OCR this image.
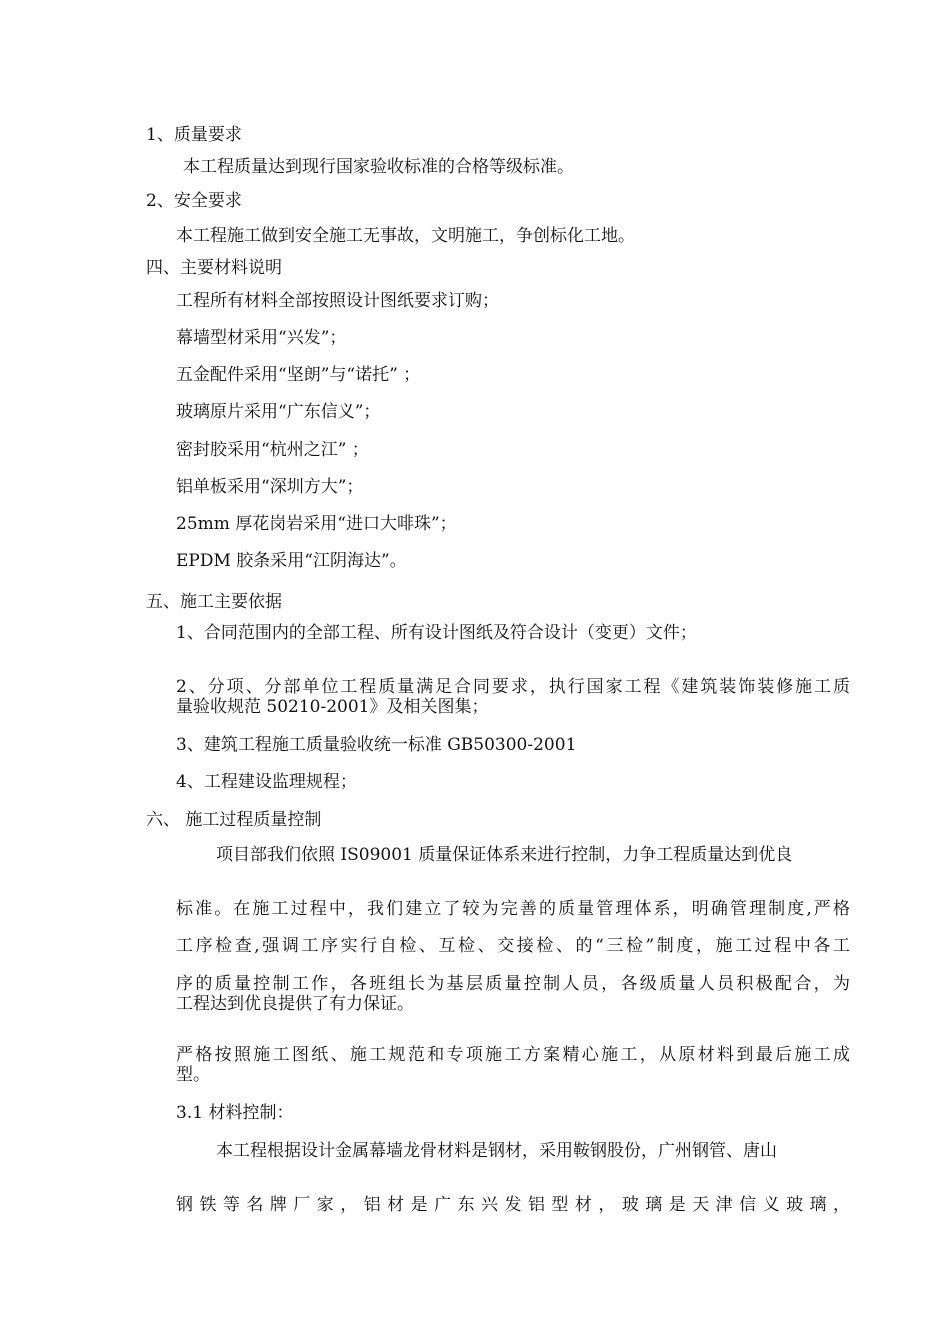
1、质量要求

本工程质量达到现行国家验收标准的合格等级标准。

2、安全要求

本工程施工做到安全施工无事故，文明施工，争创标化工地。

四、主要材料说明

工程所有材料全部按照设计图纸要求订购；

幕墙型材采用“兴发”；

五金配件采用“坚朗”与“诺托” ；

玻璃原片采用“广东信义”；

密封胶采用“杭州之江” ；

铝单板采用“深圳方大”；

25mm 厚花岗岩采用“进口大啡珠”；

EPDM 胶条采用“江阴海达”。

五、施工主要依据

1、合同范围内的全部工程、所有设计图纸及符合设计（变更）文件；

2、分项、分部单位工程质量满足合同要求，执行国家工程《建筑装饰装修施工质

量验收规范 50210-2001》及相关图集；

3、建筑工程施工质量验收统一标准 GB50300-2001

4、工程建设监理规程；

六、 施工过程质量控制

项目部我们依照 IS09001 质量保证体系来进行控制，力争工程质量达到优良

标准。在施工过程中，我们建立了较为完善的质量管理体系，明确管理制度,严格

工序检查,强调工序实行自检、互检、交接检、的“三检”制度，施工过程中各工

序的质量控制工作，各班组长为基层质量控制人员，各级质量人员积极配合，为

工程达到优良提供了有力保证。

严格按照施工图纸、施工规范和专项施工方案精心施工，从原材料到最后施工成

型。

3.1 材料控制：

本工程根据设计金属幕墙龙骨材料是钢材，采用鞍钢股份，广州钢管、唐山

钢铁等名牌厂家，铝材是广东兴发铝型材，玻璃是天津信义玻璃，
